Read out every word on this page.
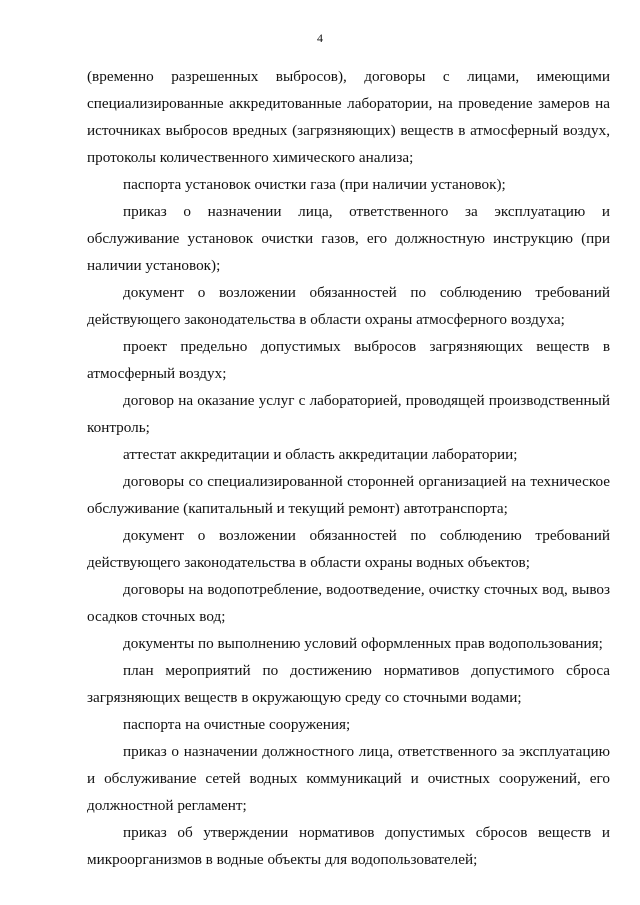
4

(временно разрешенных выбросов), договоры с лицами, имеющими специализированные аккредитованные лаборатории, на проведение замеров на источниках выбросов вредных (загрязняющих) веществ в атмосферный воздух, протоколы количественного химического анализа;

паспорта установок очистки газа (при наличии установок);

приказ о назначении лица, ответственного за эксплуатацию и обслуживание установок очистки газов, его должностную инструкцию (при наличии установок);

документ о возложении обязанностей по соблюдению требований действующего законодательства в области охраны атмосферного воздуха;

проект предельно допустимых выбросов загрязняющих веществ в атмосферный воздух;

договор на оказание услуг с лабораторией, проводящей производственный контроль;

аттестат аккредитации и область аккредитации лаборатории;

договоры со специализированной сторонней организацией на техническое обслуживание (капитальный и текущий ремонт) автотранспорта;

документ о возложении обязанностей по соблюдению требований действующего законодательства в области охраны водных объектов;

договоры на водопотребление, водоотведение, очистку сточных вод, вывоз осадков сточных вод;

документы по выполнению условий оформленных прав водопользования;

план мероприятий по достижению нормативов допустимого сброса загрязняющих веществ в окружающую среду со сточными водами;

паспорта на очистные сооружения;

приказ о назначении должностного лица, ответственного за эксплуатацию и обслуживание сетей водных коммуникаций и очистных сооружений, его должностной регламент;

приказ об утверждении нормативов допустимых сбросов веществ и микроорганизмов в водные объекты для водопользователей;
